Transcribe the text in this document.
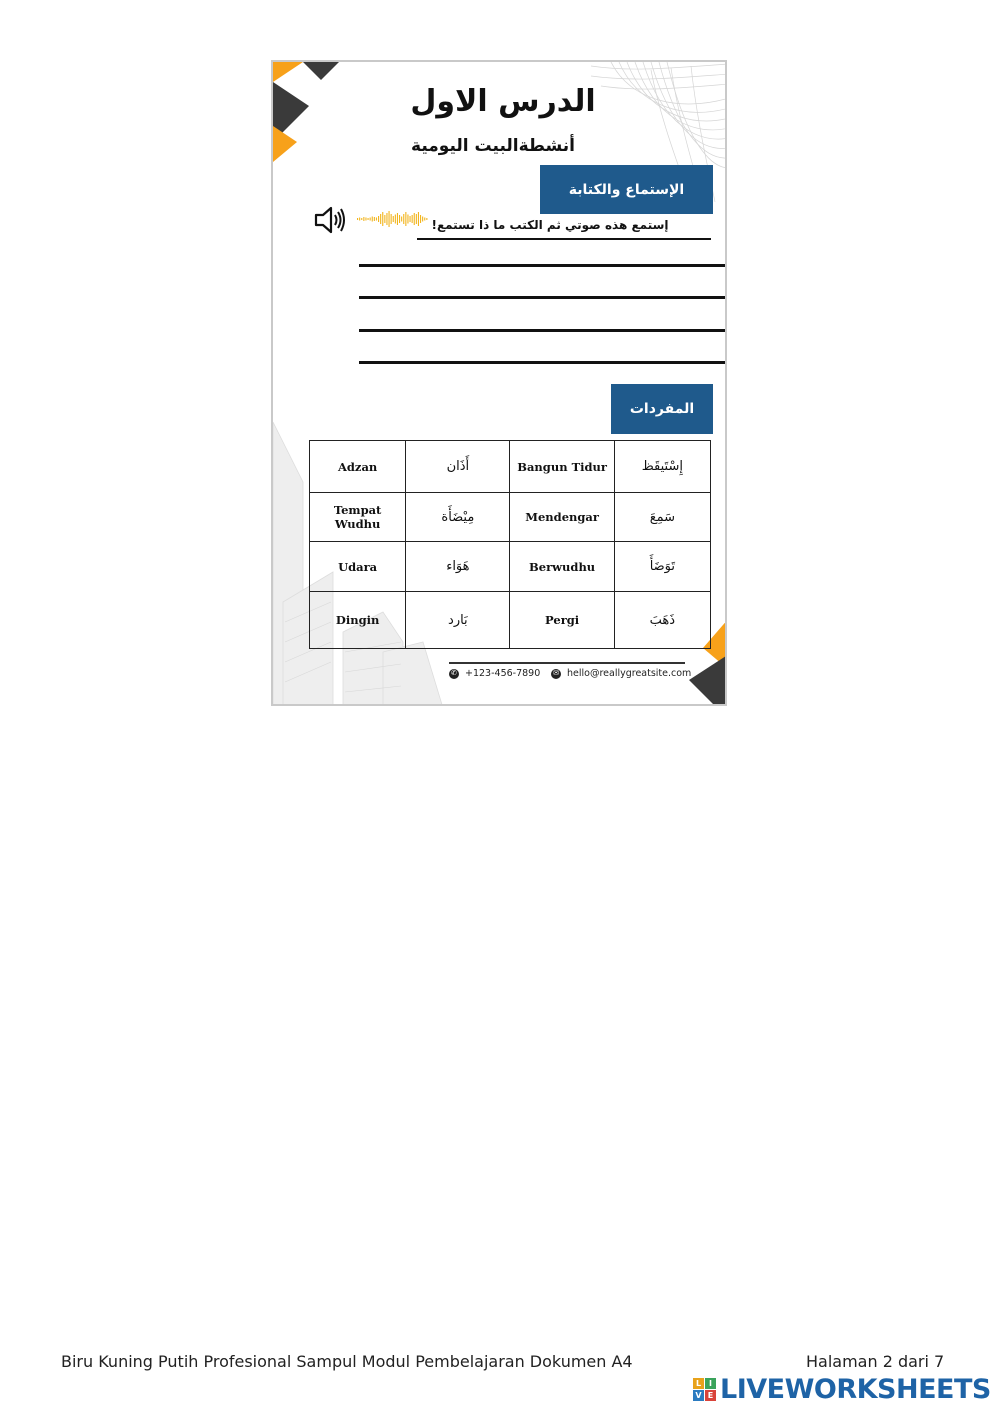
الدرس الاول
أنشطةالبيت اليومية
الإستماع والكتابة
إستمع هذه صوتي ثم الكتب ما ذا تستمع!
المفردات
Adzan	أَذَان	Bangun Tidur	إِسْتَيقَظ
Tempat Wudhu	مِيْضَأَة	Mendengar	سَمِعَ
Udara	هَوَاء	Berwudhu	تَوَضَأَ
Dingin	بَارد	Pergi	ذَهَبَ
✆ +123-456-7890 ✉ hello@reallygreatsite.com
Biru Kuning Putih Profesional Sampul Modul Pembelajaran Dokumen A4	Halaman 2 dari 7
L I
V E LIVEWORKSHEETS
